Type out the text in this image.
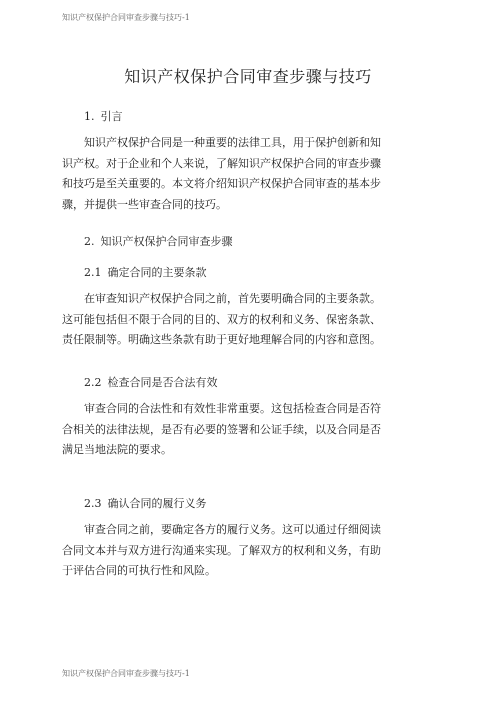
知识产权保护合同审查步骤与技巧-1
知识产权保护合同审查步骤与技巧
1. 引言
知识产权保护合同是一种重要的法律工具，用于保护创新和知
识产权。对于企业和个人来说，了解知识产权保护合同的审查步骤
和技巧是至关重要的。本文将介绍知识产权保护合同审查的基本步
骤，并提供一些审查合同的技巧。
2. 知识产权保护合同审查步骤
2.1 确定合同的主要条款
在审查知识产权保护合同之前，首先要明确合同的主要条款。
这可能包括但不限于合同的目的、双方的权利和义务、保密条款、
责任限制等。明确这些条款有助于更好地理解合同的内容和意图。
2.2 检查合同是否合法有效
审查合同的合法性和有效性非常重要。这包括检查合同是否符
合相关的法律法规，是否有必要的签署和公证手续，以及合同是否
满足当地法院的要求。
2.3 确认合同的履行义务
审查合同之前，要确定各方的履行义务。这可以通过仔细阅读
合同文本并与双方进行沟通来实现。了解双方的权利和义务，有助
于评估合同的可执行性和风险。
知识产权保护合同审查步骤与技巧-1
